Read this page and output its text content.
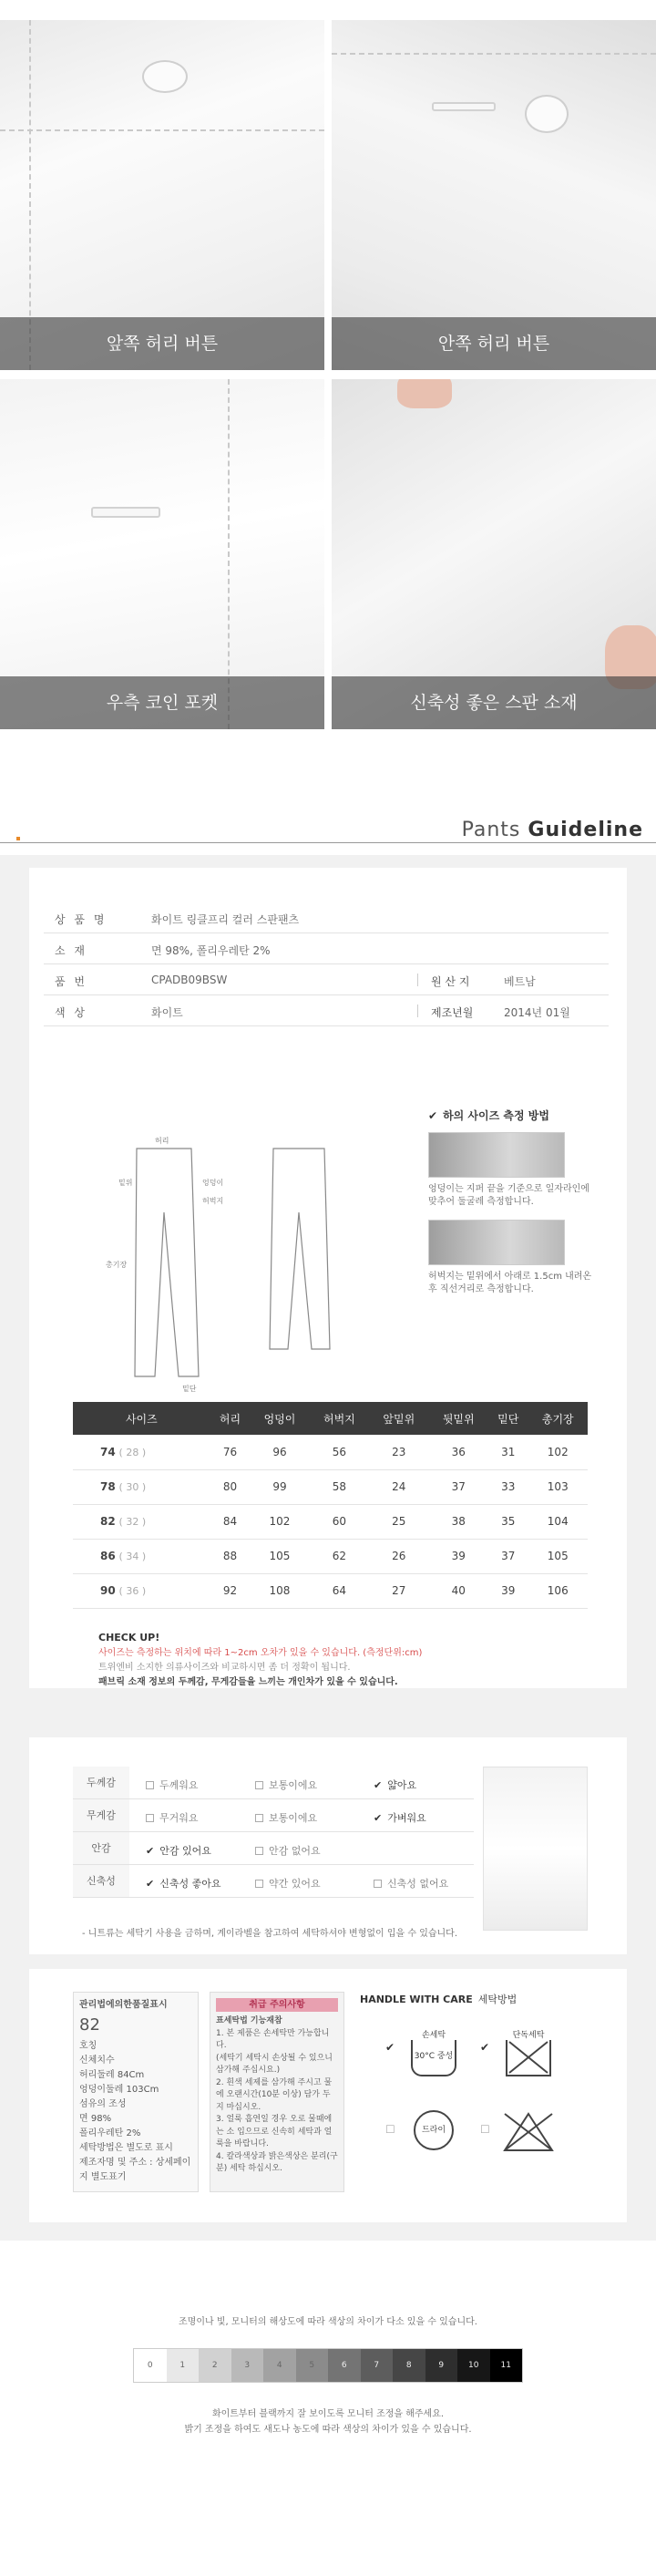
앞쪽 허리 버튼	안쪽 허리 버튼
우측 코인 포켓	신축성 좋은 스판 소재
Pants Guideline
상 품 명	화이트 링클프리 컬러 스판팬츠
소 재	면 98%, 폴리우레탄 2%
품 번	CPADB09BSW	원 산 지	베트남
색 상	화이트	제조년월	2014년 01월
허리
엉덩이
허벅지
밑위
총기장
밑단
✔ 하의 사이즈 측정 방법
엉덩이는 지퍼 끝을 기준으로 일자라인에 맞추어 둘굴레 측정합니다.
허벅지는 밑위에서 아래로 1.5cm 내려온 후 직선거리로 측정합니다.
사이즈	허리	엉덩이	허벅지	앞밑위	뒷밑위	밑단	총기장
74 ( 28 )	76	96	56	23	36	31	102
78 ( 30 )	80	99	58	24	37	33	103
82 ( 32 )	84	102	60	25	38	35	104
86 ( 34 )	88	105	62	26	39	37	105
90 ( 36 )	92	108	64	27	40	39	106
CHECK UP!
사이즈는 측정하는 위치에 따라 1~2cm 오차가 있을 수 있습니다. (측정단위:cm)
트위엔비 소지한 의류사이즈와 비교하시면 좀 더 정확이 됩니다.
패브릭 소재 정보의 두께감, 무게감들을 느끼는 개인차가 있을 수 있습니다.
두께감	두께워요	보통이에요	✔ 얇아요
무게감	무거워요	보통이에요	✔ 가벼워요
안감	✔ 안감 있어요	안감 없어요
신축성	✔ 신축성 좋아요	약간 있어요	신축성 없어요
- 니트류는 세탁기 사용을 금하며, 계이라벨을 참고하여 세탁하셔야 변형없이 입을 수 있습니다.
관리법에의한품질표시
82
호칭
신체치수
허리둘레 84Cm
엉덩이둘레 103Cm
섬유의 조성
면 98%
폴리우레탄 2%
세탁방법은 별도로 표시
제조자명 및 주소 : 상세페이지 별도표기
취급 주의사항
표세탁법 기능재참
1. 본 제품은 손세탁만 가능합니다.
(세탁기 세탁시 손상될 수 있으니 삼가해 주십시요.)
2. 흰색 세제를 삼가해 주시고 물에 오랜시간(10분 이상) 담가 두지 마십시오.
3. 얼룩 흡연일 경우 오로 물때에는 소 입으므로 신속히 세탁과 얼룩을 바랍니다.
4. 칼라색상과 밝은색상은 분리(구분) 세탁 하십시오.
HANDLE WITH CARE 세탁방법
✔
손세탁
30°C 중성
✔
단독세탁
☐	드라이	☐
조명이나 빛, 모니터의 해상도에 따라 색상의 차이가 다소 있을 수 있습니다.
0	1	2	3	4	5	6	7	8	9	10	11
화이트부터 블랙까지 잘 보이도록 모니터 조정을 해주세요.
밝기 조정을 하여도 새도나 농도에 따라 색상의 차이가 있을 수 있습니다.
